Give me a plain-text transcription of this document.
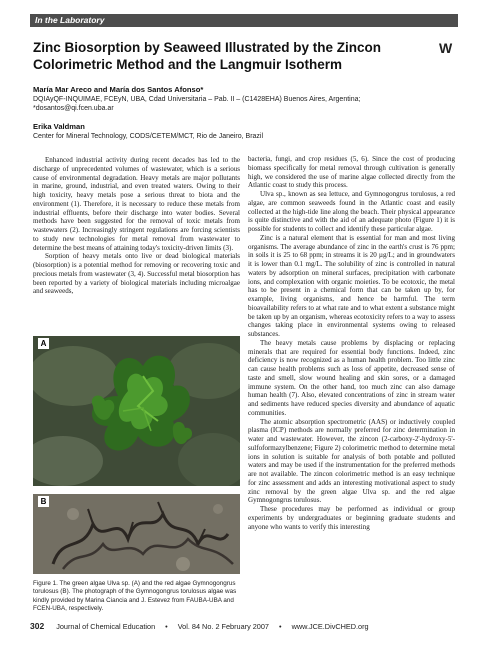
In the Laboratory
Zinc Biosorption by Seaweed Illustrated by the Zincon Colorimetric Method and the Langmuir Isotherm
W
María Mar Areco and María dos Santos Afonso*
DQIAyQF-INQUIMAE, FCEyN, UBA, Cdad Universitaria – Pab. II – (C1428EHA) Buenos Aires, Argentina;
*dosantos@qi.fcen.uba.ar
Erika Valdman
Center for Mineral Technology, CODS/CETEM/MCT, Rio de Janeiro, Brazil

Enhanced industrial activity during recent decades has led to the discharge of unprecedented volumes of wastewater, which is a serious cause of environmental degradation. Heavy metals are major pollutants in marine, ground, industrial, and even treated waters. Owing to their high toxicity, heavy metals pose a serious threat to biota and the environment (1). Therefore, it is necessary to reduce these metals from industrial effluents, before their discharge into water bodies. Several methods have been suggested for the removal of toxic metals from wastewaters (2). Increasingly stringent regulations are forcing scientists to study new technologies for metal removal from wastewater to determine the best means of attaining today's toxicity-driven limits (3).

Sorption of heavy metals onto live or dead biological materials (biosorption) is a potential method for removing or recovering toxic and precious metals from wastewater (3, 4). Successful metal biosorption has been reported by a variety of biological materials including microalgae and seaweeds,

A
B
Figure 1. The green algae Ulva sp. (A) and the red algae Gymnogongrus torulosus (B). The photograph of the Gymnogongrus torulosus algae was kindly provided by Marina Ciancia and J. Estevez from FAUBA-UBA and FCEN-UBA, respectively.

bacteria, fungi, and crop residues (5, 6). Since the cost of producing biomass specifically for metal removal through cultivation is generally high, we considered the use of marine algae collected directly from the Atlantic coast to study this process.

Ulva sp., known as sea lettuce, and Gymnogongrus torulosus, a red algae, are common seaweeds found in the Atlantic coast and easily collected at the high-tide line along the beach. Their physical appearance is quite distinctive and with the aid of an adequate photo (Figure 1) it is possible for students to collect and identify these particular algae.

Zinc is a natural element that is essential for man and most living organisms. The average abundance of zinc in the earth's crust is 76 ppm; in soils it is 25 to 68 ppm; in streams it is 20 µg/L; and in groundwaters it is lower than 0.1 mg/L. The solubility of zinc is controlled in natural waters by adsorption on mineral surfaces, precipitation with carbonate ions, and complexation with organic moieties. To be ecotoxic, the metal has to be present in a chemical form that can be taken up by, for example, living organisms, and hence be harmful. The term bioavailability refers to at what rate and to what extent a substance might be taken up by an organism, whereas ecotoxicity refers to a way to assess changes taking place in environmental systems owing to released substances.

The heavy metals cause problems by displacing or replacing minerals that are required for essential body functions. Indeed, zinc deficiency is now recognized as a human health problem. Too little zinc can cause health problems such as loss of appetite, decreased sense of taste and smell, slow wound healing and skin sores, or a damaged immune system. On the other hand, too much zinc can also damage human health (7). Also, elevated concentrations of zinc in stream water and sediments have reduced species diversity and abundance of aquatic communities.

The atomic absorption spectrometric (AAS) or inductively coupled plasma (ICP) methods are normally preferred for zinc determination in water and wastewater. However, the zincon (2-carboxy-2'-hydroxy-5'-sulfoformazylbenzene; Figure 2) colorimetric method to determine metal ions in solution is suitable for analysis of both potable and polluted waters and may be used if the instrumentation for the preferred methods are not available. The zincon colorimetric method is an easy technique for zinc assessment and adds an interesting motivational aspect to study zinc removal by the green algae Ulva sp. and the red algae Gymnogongrus torulosus.

These procedures may be performed as individual or group experiments by undergraduates or beginning graduate students and anyone who wants to verify this interesting

302 Journal of Chemical Education • Vol. 84 No. 2 February 2007 • www.JCE.DivCHED.org
